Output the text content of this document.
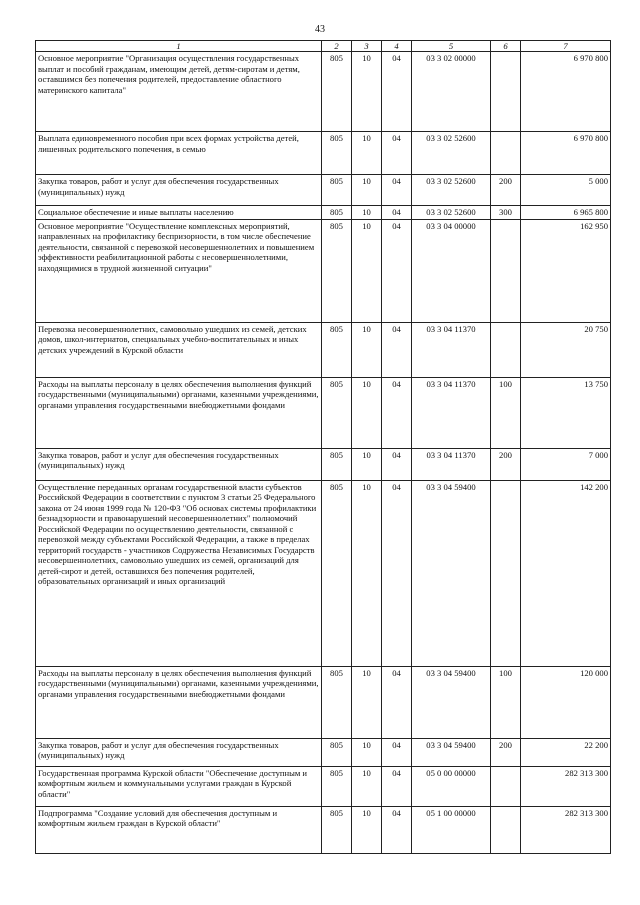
43
1	2	3	4	5	6	7
Основное мероприятие "Организация осуществления государственных выплат и пособий гражданам, имеющим детей, детям-сиротам и детям, оставшимся без попечения родителей, предоставление областного материнского капитала"	805	10	04	03 3 02 00000		6 970 800
Выплата единовременного пособия при всех формах устройства детей, лишенных родительского попечения, в семью	805	10	04	03 3 02 52600		6 970 800
Закупка товаров, работ и услуг для обеспечения государственных (муниципальных) нужд	805	10	04	03 3 02 52600	200	5 000
Социальное обеспечение и иные выплаты населению	805	10	04	03 3 02 52600	300	6 965 800
Основное мероприятие "Осуществление комплексных мероприятий, направленных на профилактику беспризорности, в том числе обеспечение деятельности, связанной с перевозкой несовершеннолетних и повышением эффективности реабилитационной работы с несовершеннолетними, находящимися в трудной жизненной ситуации"	805	10	04	03 3 04 00000		162 950
Перевозка несовершеннолетних, самовольно ушедших из семей, детских домов, школ-интернатов, специальных учебно-воспитательных и иных детских учреждений в Курской области	805	10	04	03 3 04 11370		20 750
Расходы на выплаты персоналу в целях обеспечения выполнения функций государственными (муниципальными) органами, казенными учреждениями, органами управления государственными внебюджетными фондами	805	10	04	03 3 04 11370	100	13 750
Закупка товаров, работ и услуг для обеспечения государственных (муниципальных) нужд	805	10	04	03 3 04 11370	200	7 000
Осуществление переданных органам государственной власти субъектов Российской Федерации в соответствии с пунктом 3 статьи 25 Федерального закона от 24 июня 1999 года № 120-ФЗ "Об основах системы профилактики безнадзорности и правонарушений несовершеннолетних" полномочий Российской Федерации по осуществлению деятельности, связанной с перевозкой между субъектами Российской Федерации, а также в пределах территорий государств - участников Содружества Независимых Государств несовершеннолетних, самовольно ушедших из семей, организаций для детей-сирот и детей, оставшихся без попечения родителей, образовательных организаций и иных организаций	805	10	04	03 3 04 59400		142 200
Расходы на выплаты персоналу в целях обеспечения выполнения функций государственными (муниципальными) органами, казенными учреждениями, органами управления государственными внебюджетными фондами	805	10	04	03 3 04 59400	100	120 000
Закупка товаров, работ и услуг для обеспечения государственных (муниципальных) нужд	805	10	04	03 3 04 59400	200	22 200
Государственная программа Курской области "Обеспечение доступным и комфортным жильем и коммунальными услугами граждан в Курской области"	805	10	04	05 0 00 00000		282 313 300
Подпрограмма "Создание условий для обеспечения доступным и комфортным жильем граждан в Курской области"	805	10	04	05 1 00 00000		282 313 300
